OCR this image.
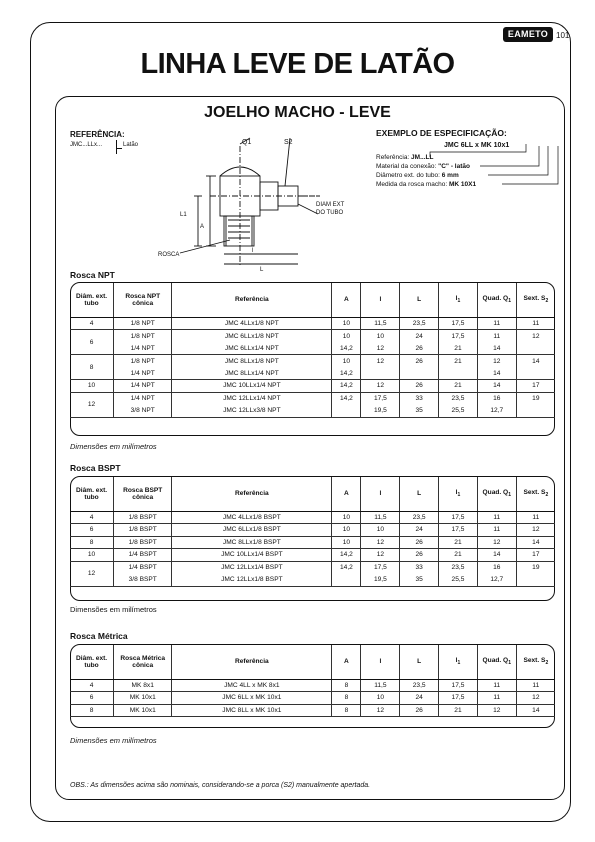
EAMETO 101
LINHA LEVE DE LATÃO
JOELHO MACHO - LEVE
REFERÊNCIA:
JMC...LLx...	Latão
EXEMPLO DE ESPECIFICAÇÃO:
JMC 6LL x MK 10x1
Referência: JM...LL
Material da conexão: "C" - latão
Diâmetro ext. do tubo: 6 mm
Medida da rosca macho: MK 10X1
Q1	S2
DIAM EXT
DO TUBO
ROSCA
A
L1
l
L
Rosca NPT
Diâm. ext. tubo	Rosca NPT cônica	Referência	A	l	L	$l_1$	Quad. $Q_1$	Sext. $S_2$
4	1/8 NPT	JMC 4LLx1/8 NPT	10	11,5	23,5	17,5	11	11
6	1/8 NPT	JMC 6LLx1/8 NPT	10	10	24	17,5	11	12
	1/4 NPT	JMC 6LLx1/4 NPT	14,2	12	26	21	14	
8	1/8 NPT	JMC 8LLx1/8 NPT	10	12	26	21	12	14
	1/4 NPT	JMC 8LLx1/4 NPT	14,2				14	
10	1/4 NPT	JMC 10LLx1/4 NPT	14,2	12	26	21	14	17
12	1/4 NPT	JMC 12LLx1/4 NPT	14,2	17,5	33	23,5	16	19
	3/8 NPT	JMC 12LLx3/8 NPT		19,5	35	25,5	12,7	
Dimensões em milímetros
Rosca BSPT
Diâm. ext. tubo	Rosca BSPT cônica	Referência	A	l	L	$l_1$	Quad. $Q_1$	Sext. $S_2$
4	1/8 BSPT	JMC 4LLx1/8 BSPT	10	11,5	23,5	17,5	11	11
6	1/8 BSPT	JMC 6LLx1/8 BSPT	10	10	24	17,5	11	12
8	1/8 BSPT	JMC 8LLx1/8 BSPT	10	12	26	21	12	14
10	1/4 BSPT	JMC 10LLx1/4 BSPT	14,2	12	26	21	14	17
12	1/4 BSPT	JMC 12LLx1/4 BSPT	14,2	17,5	33	23,5	16	19
	3/8 BSPT	JMC 12LLx1/8 BSPT		19,5	35	25,5	12,7	
Dimensões em milímetros
Rosca Métrica
Diâm. ext. tubo	Rosca Métrica cônica	Referência	A	l	L	$l_1$	Quad. $Q_1$	Sext. $S_2$
4	MK 8x1	JMC 4LL x MK 8x1	8	11,5	23,5	17,5	11	11
6	MK 10x1	JMC 6LL x MK 10x1	8	10	24	17,5	11	12
8	MK 10x1	JMC 8LL x MK 10x1	8	12	26	21	12	14
Dimensões em milímetros
OBS.: As dimensões acima são nominais, considerando-se a porca (S2) manualmente apertada.
